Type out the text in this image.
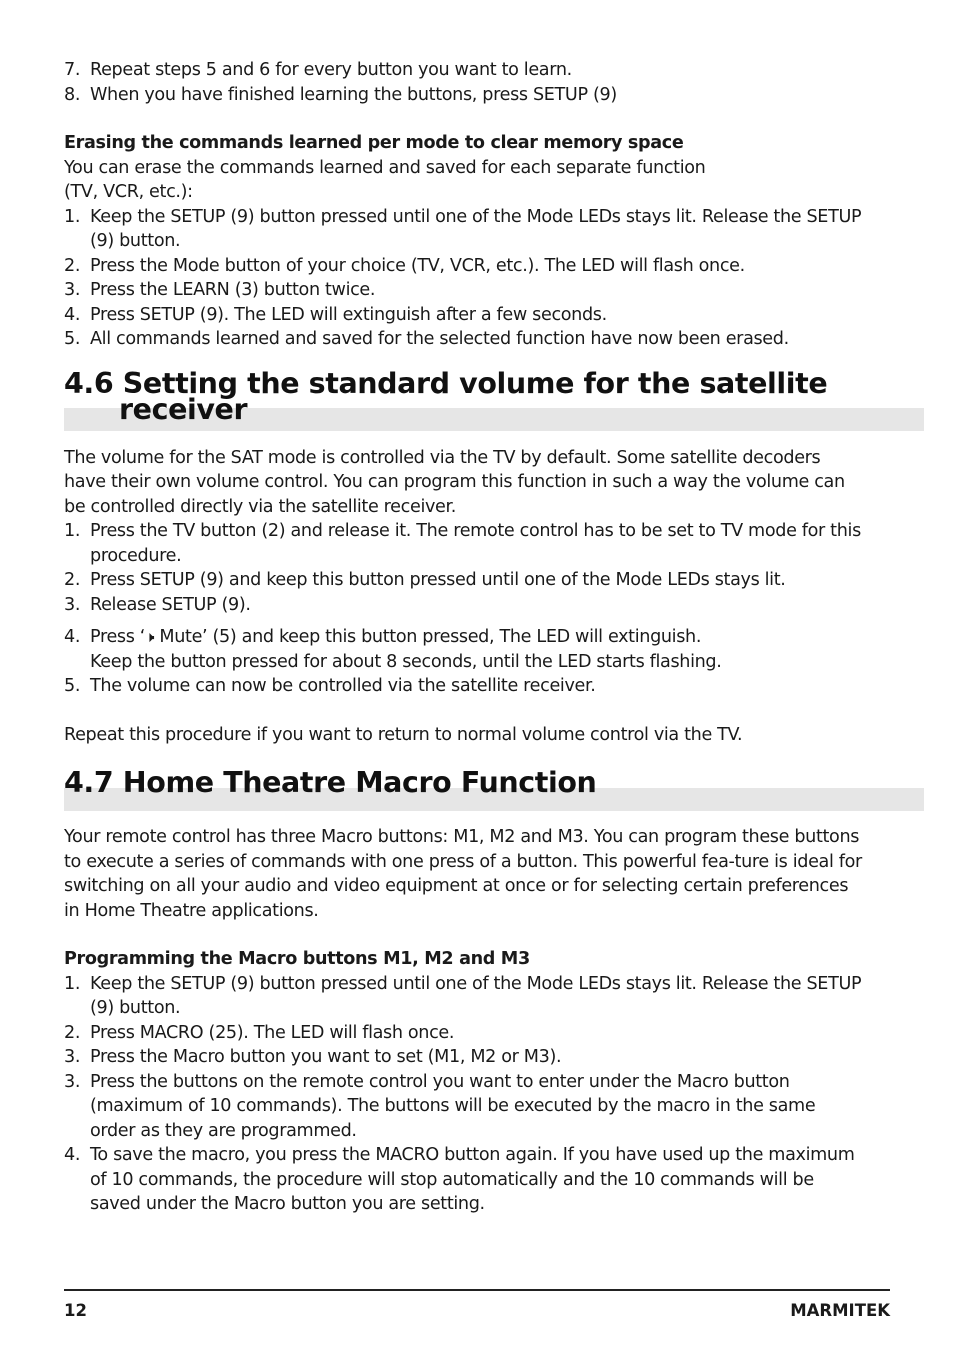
7. Repeat steps 5 and 6 for every button you want to learn.
8. When you have finished learning the buttons, press SETUP (9)
Erasing the commands learned per mode to clear memory space

You can erase the commands learned and saved for each separate function

(TV, VCR, etc.):

1. Keep the SETUP (9) button pressed until one of the Mode LEDs stays lit. Release the SETUP (9) button.
2. Press the Mode button of your choice (TV, VCR, etc.). The LED will flash once.
3. Press the LEARN (3) button twice.
4. Press SETUP (9). The LED will extinguish after a few seconds.
5. All commands learned and saved for the selected function have now been erased.
4.6 Setting the standard volume for the satellite
receiver

The volume for the SAT mode is controlled via the TV by default. Some satellite decoders have their own volume control. You can program this function in such a way the volume can be controlled directly via the satellite receiver.

1. Press the TV button (2) and release it. The remote control has to be set to TV mode for this procedure.
2. Press SETUP (9) and keep this button pressed until one of the Mode LEDs stays lit.
3. Release SETUP (9).
4. Press ‘🕨 Mute’ (5) and keep this button pressed, The LED will extinguish.
Keep the button pressed for about 8 seconds, until the LED starts flashing.
5. The volume can now be controlled via the satellite receiver.

Repeat this procedure if you want to return to normal volume control via the TV.

4.7 Home Theatre Macro Function

Your remote control has three Macro buttons: M1, M2 and M3. You can program these buttons to execute a series of commands with one press of a button. This powerful fea-ture is ideal for switching on all your audio and video equipment at once or for selecting certain preferences in Home Theatre applications.

Programming the Macro buttons M1, M2 and M3
1. Keep the SETUP (9) button pressed until one of the Mode LEDs stays lit. Release the SETUP (9) button.
2. Press MACRO (25). The LED will flash once.
3. Press the Macro button you want to set (M1, M2 or M3).
3. Press the buttons on the remote control you want to enter under the Macro button (maximum of 10 commands). The buttons will be executed by the macro in the same order as they are programmed.
4. To save the macro, you press the MACRO button again. If you have used up the maximum of 10 commands, the procedure will stop automatically and the 10 commands will be saved under the Macro button you are setting.
12	MARMITEK
